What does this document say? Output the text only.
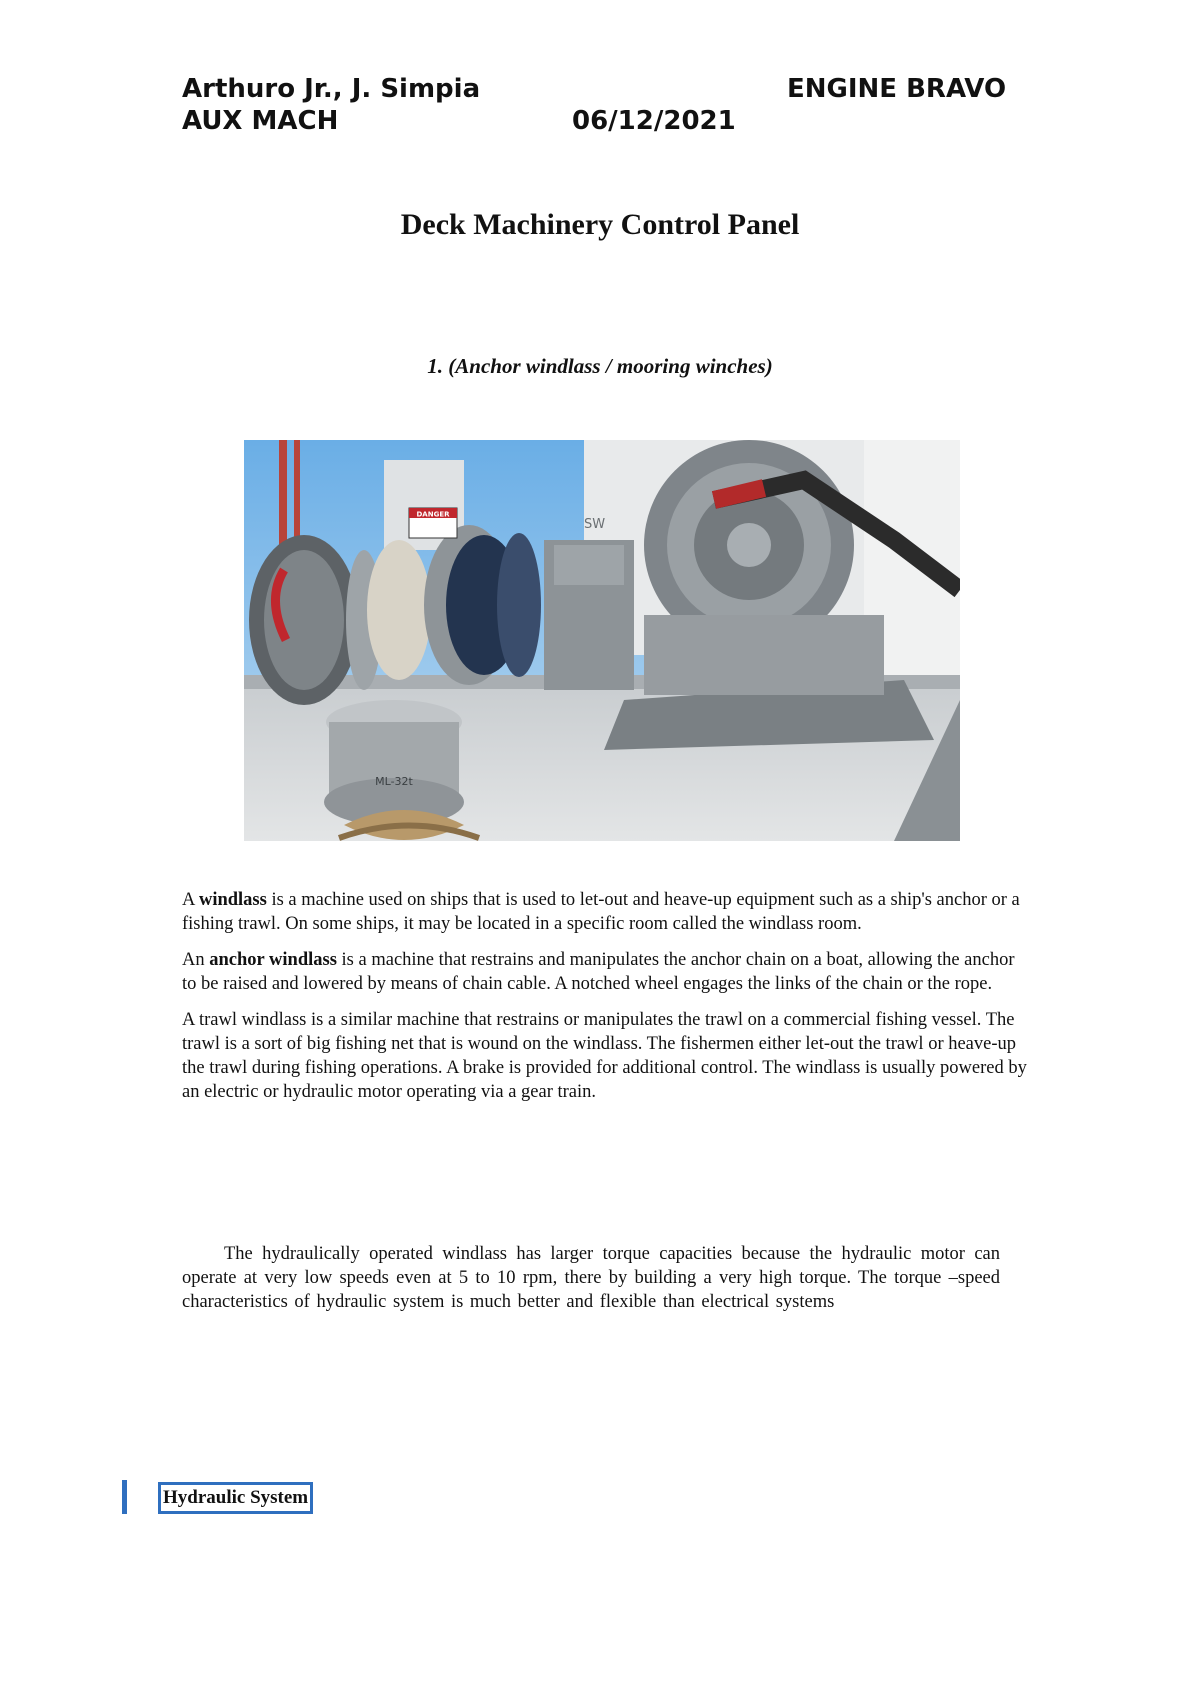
Arthuro Jr., J. Simpia	ENGINE BRAVO
AUX MACH	06/12/2021
Deck Machinery Control Panel
1. (Anchor windlass / mooring winches)
DANGER
SW
ML-32t

A windlass is a machine used on ships that is used to let-out and heave-up equipment such as a ship's anchor or a fishing trawl. On some ships, it may be located in a specific room called the windlass room.

An anchor windlass is a machine that restrains and manipulates the anchor chain on a boat, allowing the anchor to be raised and lowered by means of chain cable. A notched wheel engages the links of the chain or the rope.

A trawl windlass is a similar machine that restrains or manipulates the trawl on a commercial fishing vessel. The trawl is a sort of big fishing net that is wound on the windlass. The fishermen either let-out the trawl or heave-up the trawl during fishing operations. A brake is provided for additional control. The windlass is usually powered by an electric or hydraulic motor operating via a gear train.

The hydraulically operated windlass has larger torque capacities because the hydraulic motor can operate at very low speeds even at 5 to 10 rpm, there by building a very high torque. The torque –speed characteristics of hydraulic system is much better and flexible than electrical systems
Hydraulic System
